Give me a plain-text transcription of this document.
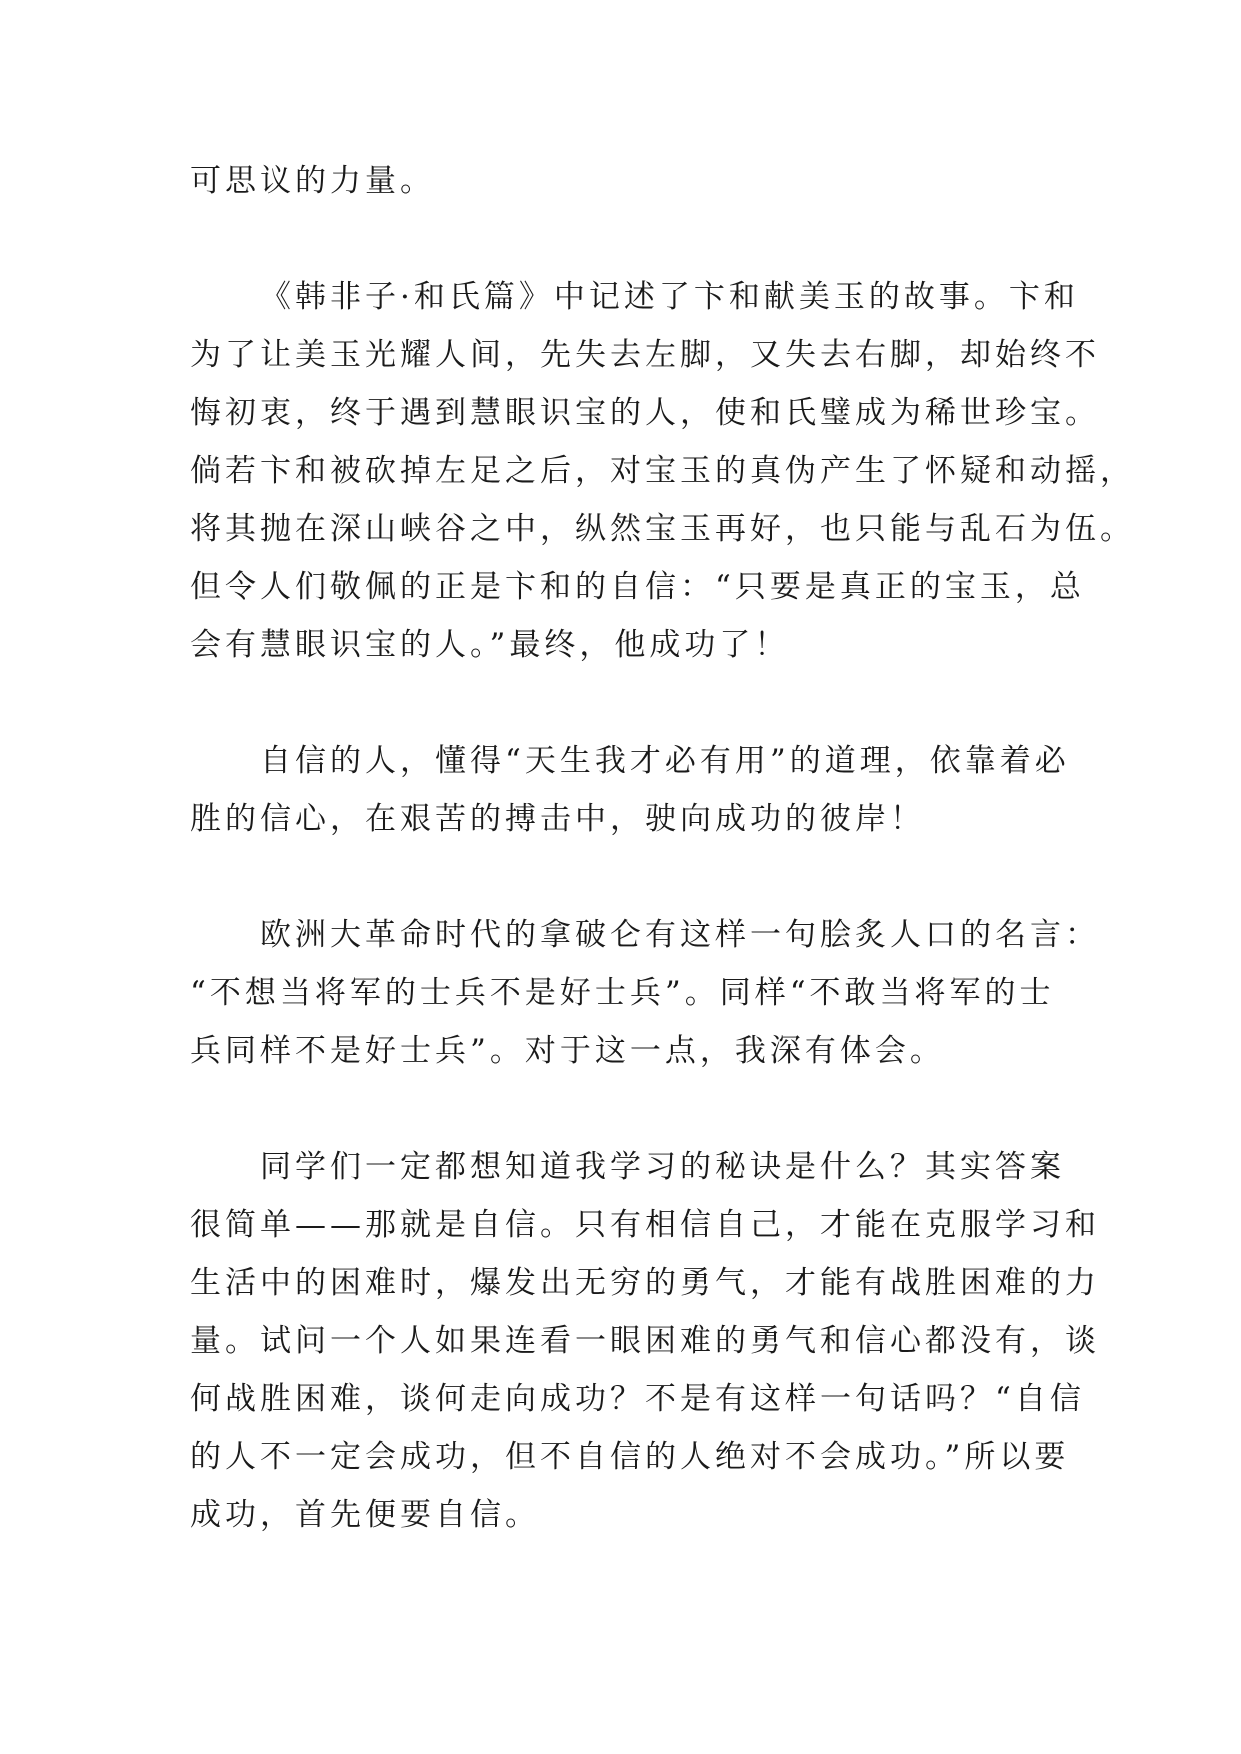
可思议的力量。

《韩非子·和氏篇》中记述了卞和献美玉的故事。卞和
为了让美玉光耀人间，先失去左脚，又失去右脚，却始终不
悔初衷，终于遇到慧眼识宝的人，使和氏璧成为稀世珍宝。
倘若卞和被砍掉左足之后，对宝玉的真伪产生了怀疑和动摇，
将其抛在深山峡谷之中，纵然宝玉再好，也只能与乱石为伍。
但令人们敬佩的正是卞和的自信：“只要是真正的宝玉，总
会有慧眼识宝的人。”最终，他成功了！

自信的人，懂得“天生我才必有用”的道理，依靠着必
胜的信心，在艰苦的搏击中，驶向成功的彼岸！

欧洲大革命时代的拿破仑有这样一句脍炙人口的名言：
“不想当将军的士兵不是好士兵”。同样“不敢当将军的士
兵同样不是好士兵”。对于这一点，我深有体会。

同学们一定都想知道我学习的秘诀是什么？其实答案
很简单——那就是自信。只有相信自己，才能在克服学习和
生活中的困难时，爆发出无穷的勇气，才能有战胜困难的力
量。试问一个人如果连看一眼困难的勇气和信心都没有，谈
何战胜困难，谈何走向成功？不是有这样一句话吗？“自信
的人不一定会成功，但不自信的人绝对不会成功。”所以要
成功，首先便要自信。
